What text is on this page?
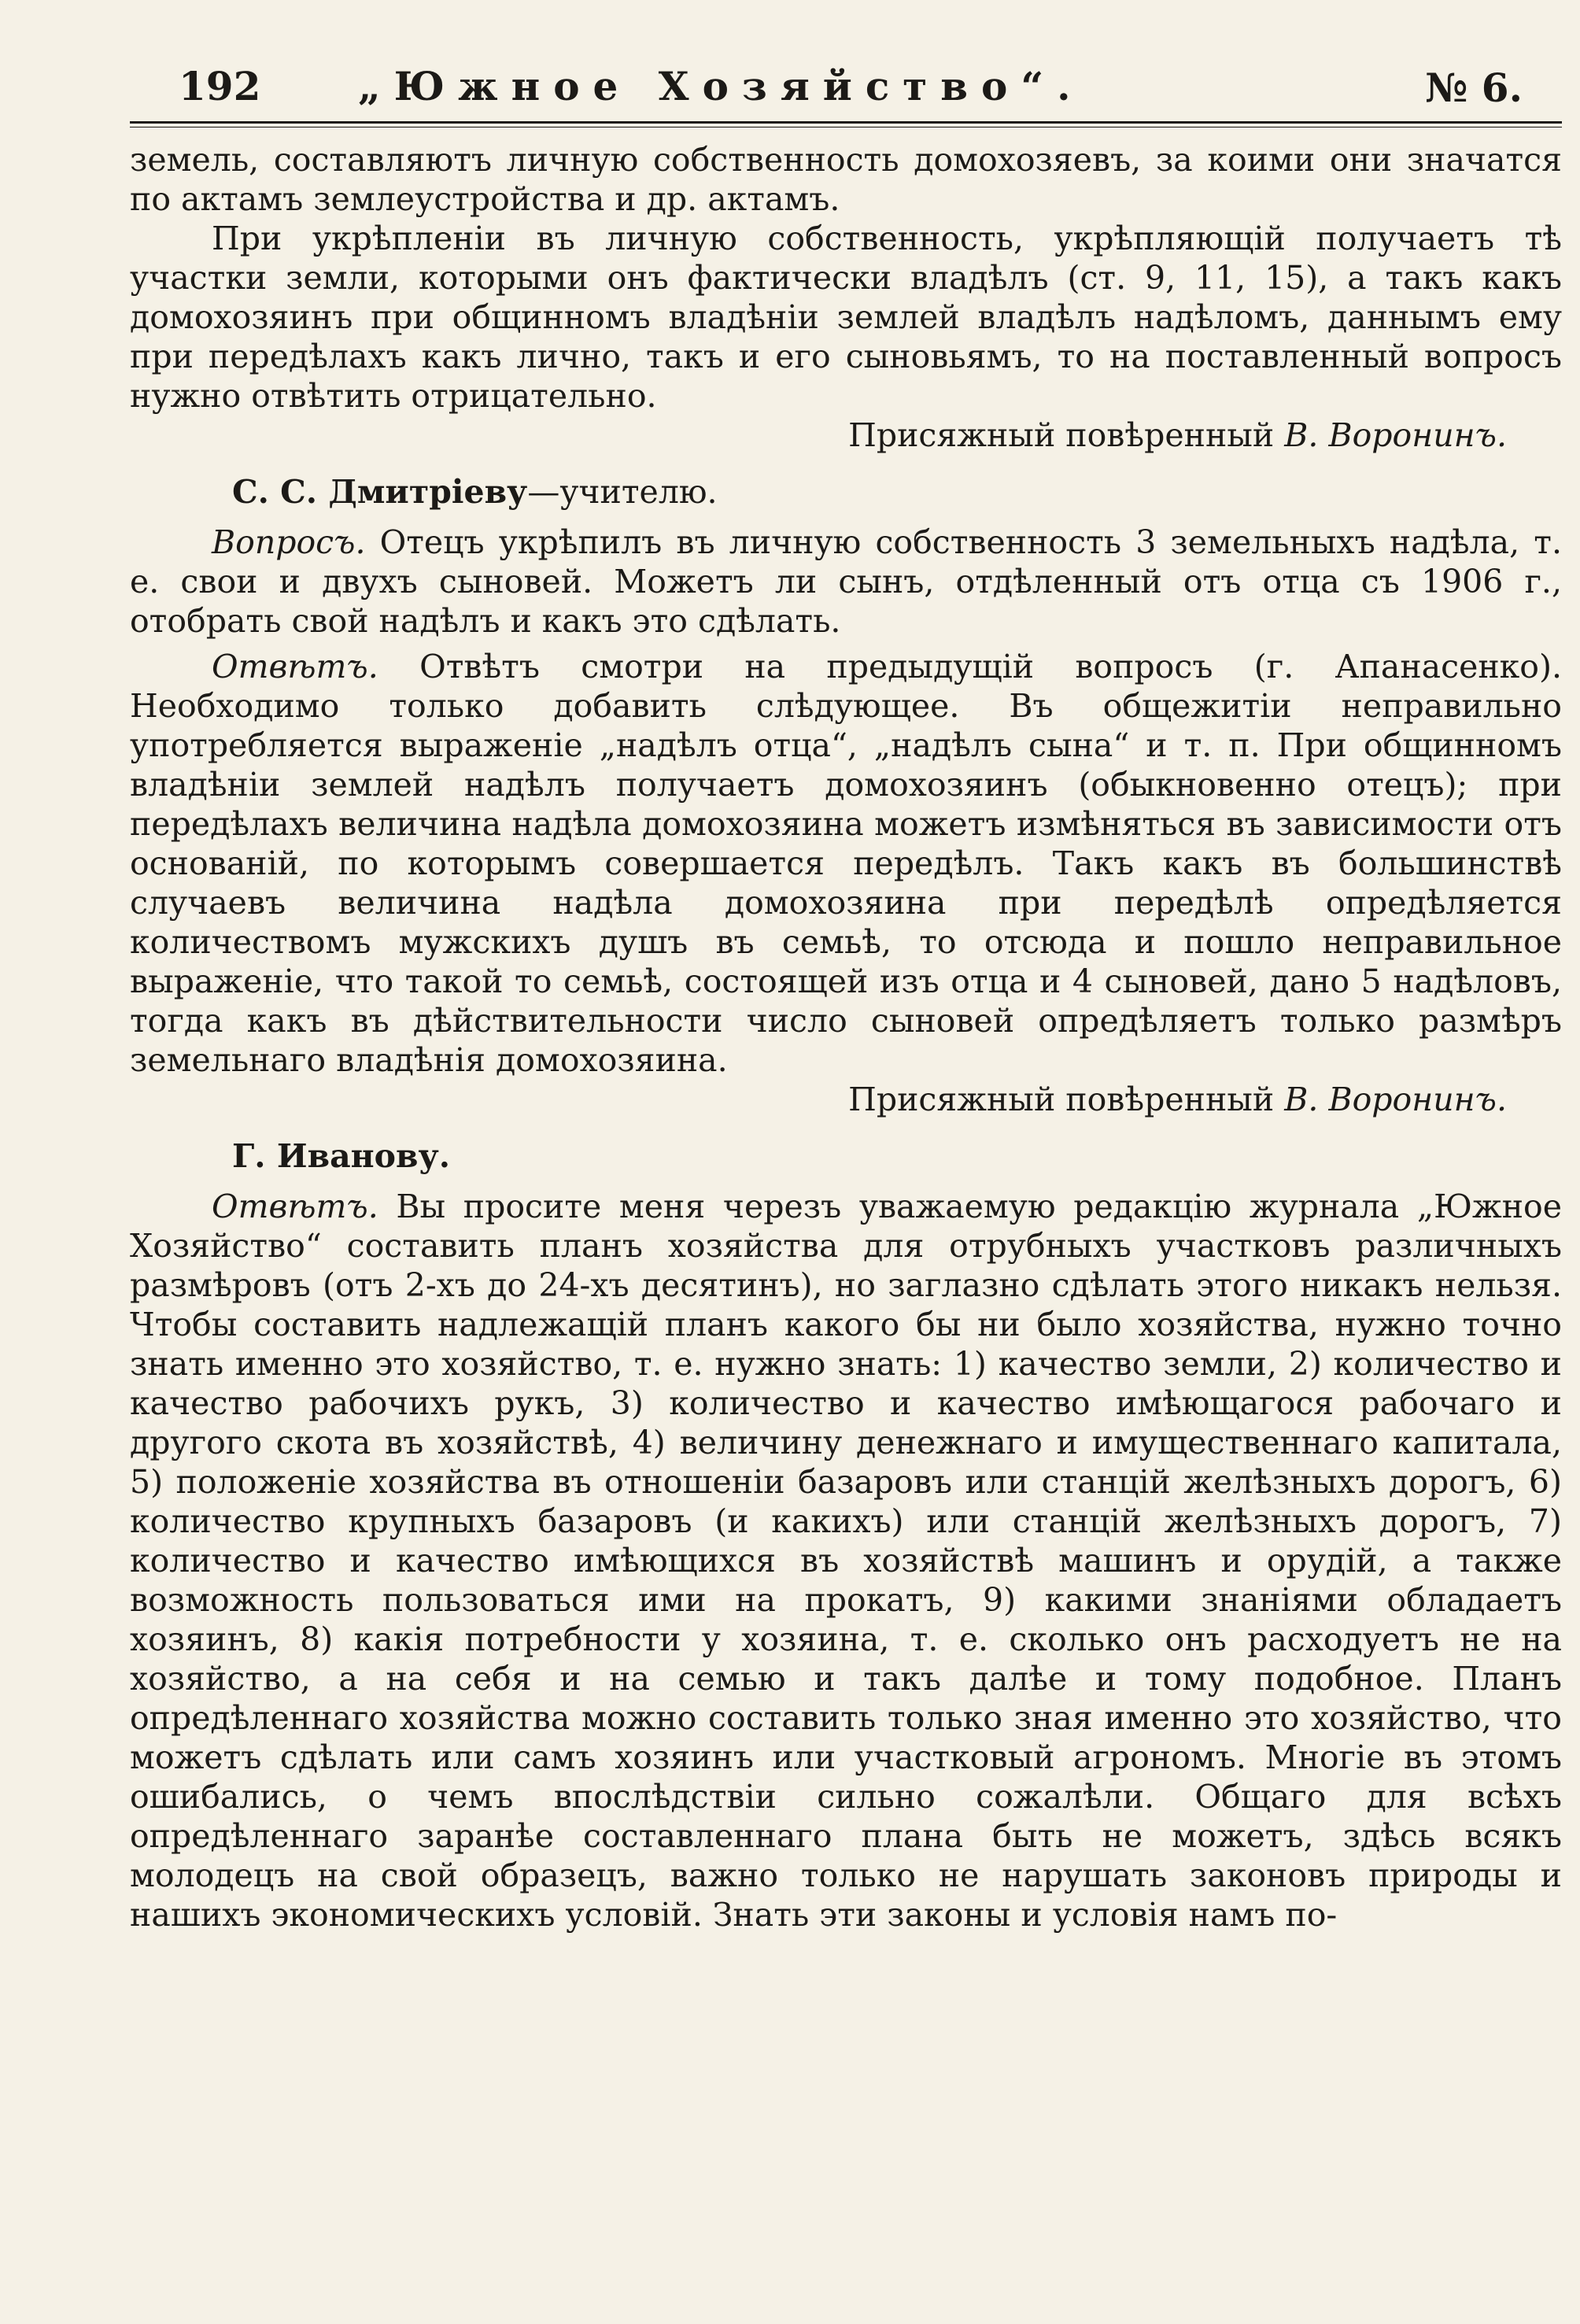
192 „Южное Хозяйство“.	№ 6.

земель, составляютъ личную собственность домохозяевъ, за коими они значатся по актамъ землеустройства и др. актамъ.

При укрѣпленіи въ личную собственность, укрѣпляющій получаетъ тѣ участки земли, которыми онъ фактически владѣлъ (ст. 9, 11, 15), а такъ какъ домохозяинъ при общинномъ владѣніи землей владѣлъ надѣломъ, даннымъ ему при передѣлахъ какъ лично, такъ и его сыновьямъ, то на поставленный вопросъ нужно отвѣтить отрицательно.

Присяжный повѣренный В. Воронинъ.

С. С. Дмитріеву—учителю.

Вопросъ. Отецъ укрѣпилъ въ личную собственность 3 земельныхъ надѣла, т. е. свои и двухъ сыновей. Можетъ ли сынъ, отдѣленный отъ отца съ 1906 г., отобрать свой надѣлъ и какъ это сдѣлать.

Отвѣтъ. Отвѣтъ смотри на предыдущій вопросъ (г. Апанасенко). Необходимо только добавить слѣдующее. Въ общежитіи неправильно употребляется выраженіе „надѣлъ отца“, „надѣлъ сына“ и т. п. При общинномъ владѣніи землей надѣлъ получаетъ домохозяинъ (обыкновенно отецъ); при передѣлахъ величина надѣла домохозяина можетъ измѣняться въ зависимости отъ основаній, по которымъ совершается передѣлъ. Такъ какъ въ большинствѣ случаевъ величина надѣла домохозяина при передѣлѣ опредѣляется количествомъ мужскихъ душъ въ семьѣ, то отсюда и пошло неправильное выраженіе, что такой то семьѣ, состоящей изъ отца и 4 сыновей, дано 5 надѣловъ, тогда какъ въ дѣйствительности число сыновей опредѣляетъ только размѣръ земельнаго владѣнія домохозяина.

Присяжный повѣренный В. Воронинъ.

Г. Иванову.

Отвѣтъ. Вы просите меня черезъ уважаемую редакцію журнала „Южное Хозяйство“ составить планъ хозяйства для отрубныхъ участковъ различныхъ размѣровъ (отъ 2-хъ до 24-хъ десятинъ), но заглазно сдѣлать этого никакъ нельзя. Чтобы составить надлежащій планъ какого бы ни было хозяйства, нужно точно знать именно это хозяйство, т. е. нужно знать: 1) качество земли, 2) количество и качество рабочихъ рукъ, 3) количество и качество имѣющагося рабочаго и другого скота въ хозяйствѣ, 4) величину денежнаго и имущественнаго капитала, 5) положеніе хозяйства въ отношеніи базаровъ или станцій желѣзныхъ дорогъ, 6) количество крупныхъ базаровъ (и какихъ) или станцій желѣзныхъ дорогъ, 7) количество и качество имѣющихся въ хозяйствѣ машинъ и орудій, а также возможность пользоваться ими на прокатъ, 9) какими знаніями обладаетъ хозяинъ, 8) какія потребности у хозяина, т. е. сколько онъ расходуетъ не на хозяйство, а на себя и на семью и такъ далѣе и тому подобное. Планъ опредѣленнаго хозяйства можно составить только зная именно это хозяйство, что можетъ сдѣлать или самъ хозяинъ или участковый агрономъ. Многіе въ этомъ ошибались, о чемъ впослѣдствіи сильно сожалѣли. Общаго для всѣхъ опредѣленнаго заранѣе составленнаго плана быть не можетъ, здѣсь всякъ молодецъ на свой образецъ, важно только не нарушать законовъ природы и нашихъ экономическихъ условій. Знать эти законы и условія намъ по-
